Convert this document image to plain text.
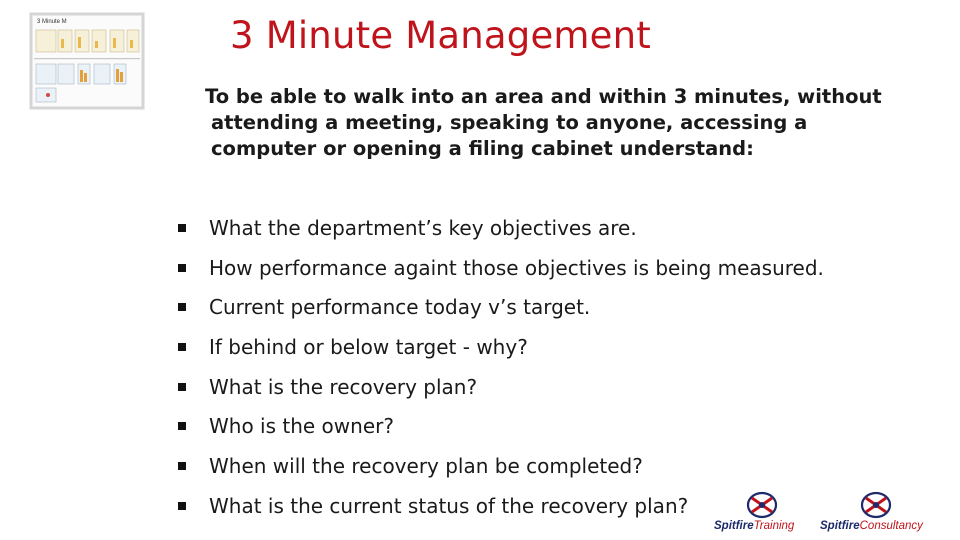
3 Minute M	3 Minute Management
To be able to walk into an area and within 3 minutes, without
attending a meeting, speaking to anyone, accessing a
computer or opening a filing cabinet understand:
What the department’s key objectives are.
How performance againt those objectives is being measured.
Current performance today v’s target.
If behind or below target - why?
What is the recovery plan?
Who is the owner?
When will the recovery plan be completed?
What is the current status of the recovery plan?
SpitfireTraining SpitfireConsultancy
